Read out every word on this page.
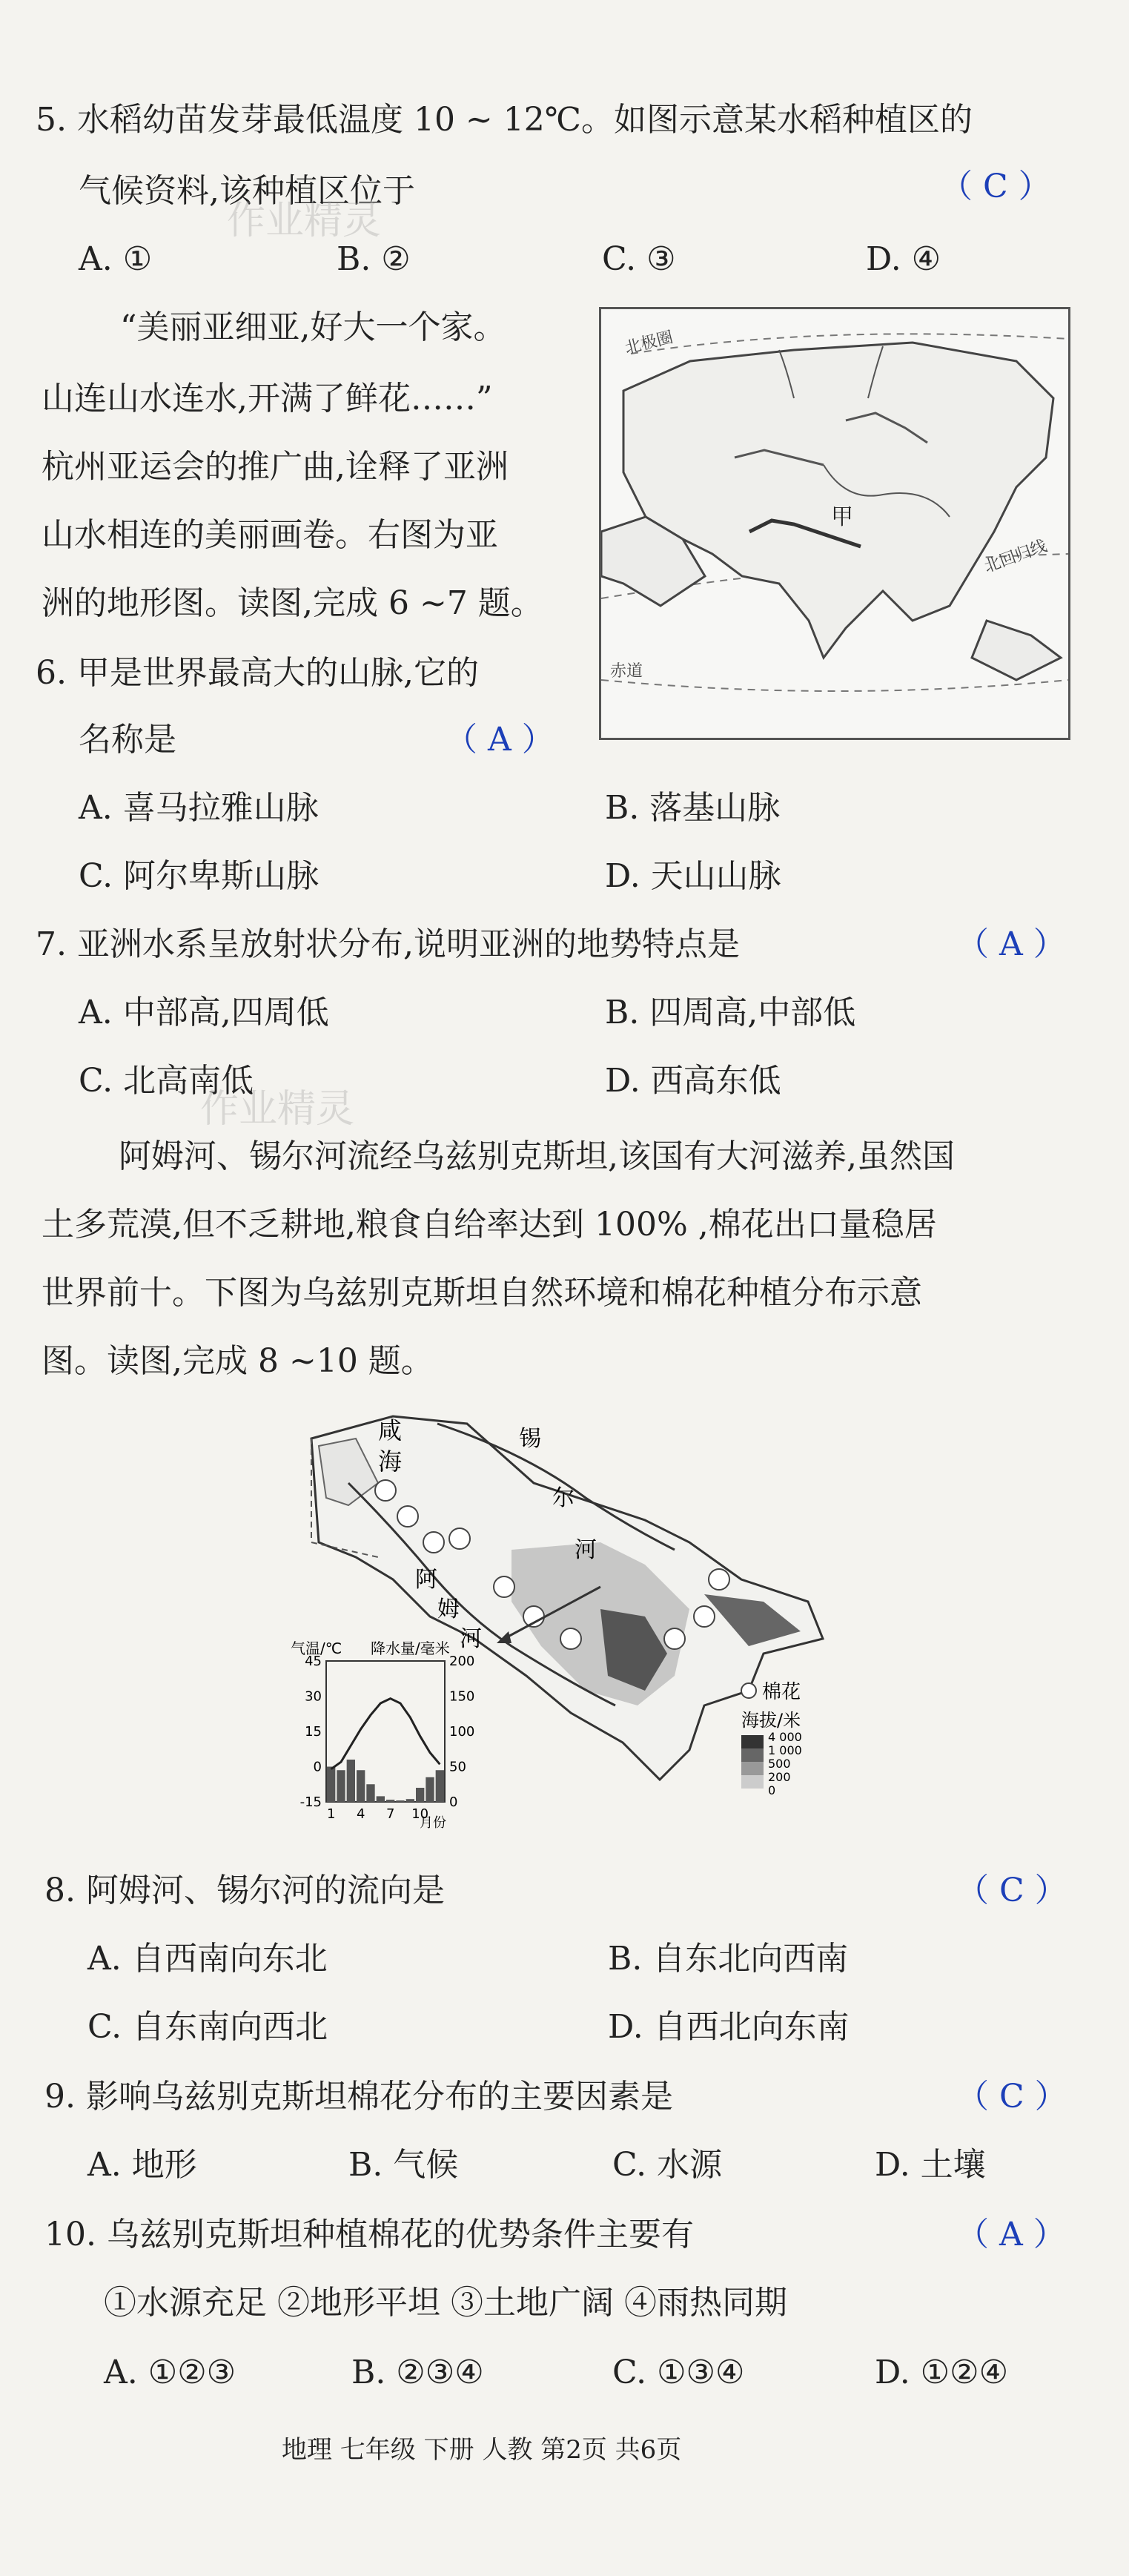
5. 水稻幼苗发芽最低温度 10 ~ 12℃。如图示意某水稻种植区的
气候资料,该种植区位于	（ C ）
A. ①	B. ②	C. ③	D. ④
作业精灵
“美丽亚细亚,好大一个家。
山连山水连水,开满了鲜花……”
杭州亚运会的推广曲,诠释了亚洲
山水相连的美丽画卷。右图为亚
洲的地形图。读图,完成 6 ~7 题。
北极圈
北回归线
赤道
甲
6. 甲是世界最高大的山脉,它的
名称是	（ A ）
A. 喜马拉雅山脉	B. 落基山脉
C. 阿尔卑斯山脉	D. 天山山脉
7. 亚洲水系呈放射状分布,说明亚洲的地势特点是	（ A ）
A. 中部高,四周低	B. 四周高,中部低
C. 北高南低	D. 西高东低
作业精灵
阿姆河、锡尔河流经乌兹别克斯坦,该国有大河滋养,虽然国
土多荒漠,但不乏耕地,粮食自给率达到 100% ,棉花出口量稳居
世界前十。下图为乌兹别克斯坦自然环境和棉花种植分布示意
图。读图,完成 8 ~10 题。
咸
海
阿
姆
河
锡
尔
河
棉花
海拔/米
4 000
1 000
500
200
0
气温/℃ 降水量/毫米
45
30
15
0
-15
200
150
100
50
0
1 4 7 10
月份
8. 阿姆河、锡尔河的流向是	（ C ）
A. 自西南向东北	B. 自东北向西南
C. 自东南向西北	D. 自西北向东南
9. 影响乌兹别克斯坦棉花分布的主要因素是	（ C ）
A. 地形	B. 气候	C. 水源	D. 土壤
10. 乌兹别克斯坦种植棉花的优势条件主要有	（ A ）
①水源充足 ②地形平坦 ③土地广阔 ④雨热同期
A. ①②③	B. ②③④	C. ①③④	D. ①②④
地理 七年级 下册 人教 第2页 共6页
